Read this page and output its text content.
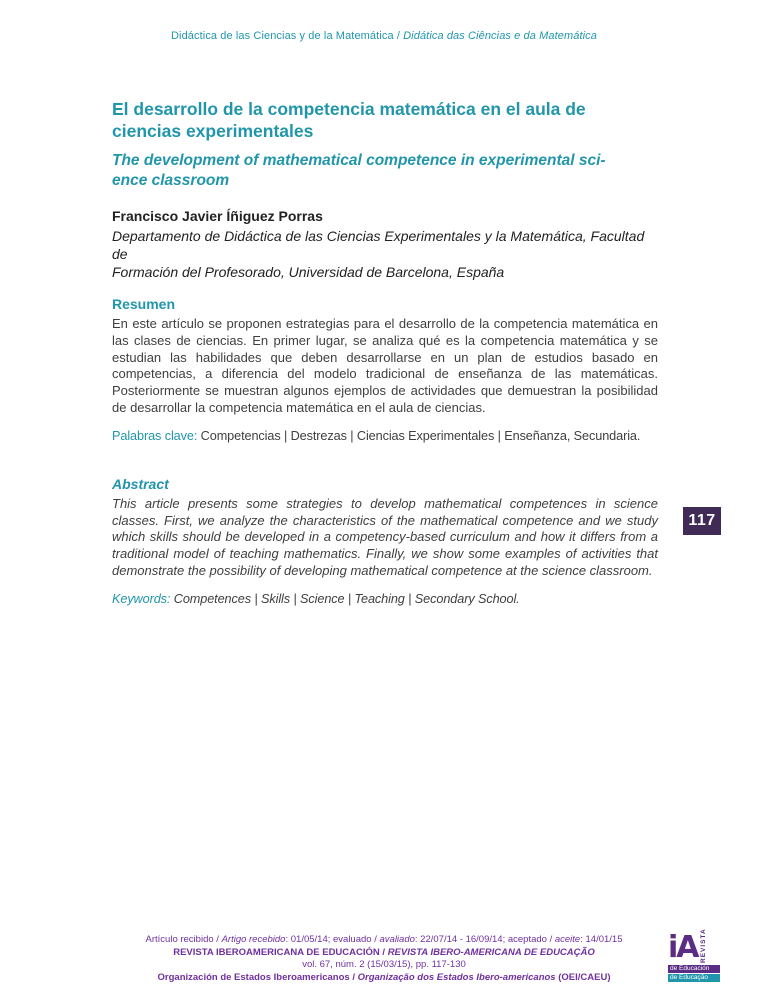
Didáctica de las Ciencias y de la Matemática / Didática das Ciências e da Matemática
El desarrollo de la competencia matemática en el aula de
ciencias experimentales
The development of mathematical competence in experimental sci-
ence classroom
Francisco Javier Íñiguez Porras
Departamento de Didáctica de las Ciencias Experimentales y la Matemática, Facultad de
Formación del Profesorado, Universidad de Barcelona, España
Resumen
En este artículo se proponen estrategias para el desarrollo de la competencia matemática en las clases de ciencias. En primer lugar, se analiza qué es la competencia matemática y se estudian las habilidades que deben desarrollarse en un plan de estudios basado en competencias, a diferencia del modelo tradicional de enseñanza de las matemáticas. Posteriormente se muestran algunos ejemplos de actividades que demuestran la posibilidad de desarrollar la competencia matemática en el aula de ciencias.
Palabras clave: Competencias | Destrezas | Ciencias Experimentales | Enseñanza, Secundaria.
Abstract
This article presents some strategies to develop mathematical competences in science classes. First, we analyze the characteristics of the mathematical competence and we study which skills should be developed in a competency-based curriculum and how it differs from a traditional model of teaching mathematics. Finally, we show some examples of activities that demonstrate the possibility of developing mathematical competence at the science classroom.
Keywords: Competences | Skills | Science | Teaching | Secondary School.
117
Artículo recibido / Artigo recebido: 01/05/14; evaluado / avaliado: 22/07/14 - 16/09/14; aceptado / aceite: 14/01/15
REVISTA IBEROAMERICANA DE EDUCACIÓN / REVISTA IBERO-AMERICANA DE EDUCAÇÃO
vol. 67, núm. 2 (15/03/15), pp. 117-130
Organización de Estados Iberoamericanos / Organização dos Estados Ibero-americanos (OEI/CAEU)
iA REVISTA
de Educación
de Educação
